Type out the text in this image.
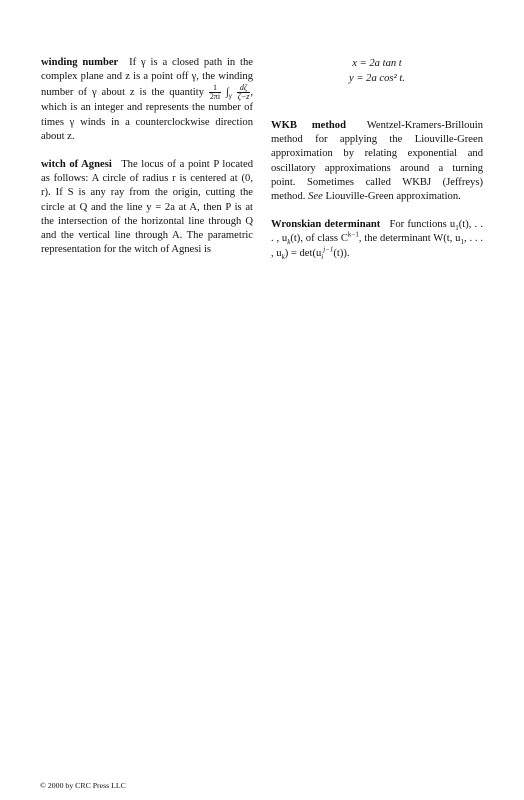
winding number If γ is a closed path in the complex plane and z is a point off γ, the winding number of γ about z is the quantity $\frac{1}{2\pi i} \int_\gamma \frac{d\zeta}{\zeta-z}$ , which is an integer and represents the number of times γ winds in a counterclockwise direction about z.

witch of Agnesi The locus of a point P located as follows: A circle of radius r is centered at (0, r). If S is any ray from the origin, cutting the circle at Q and the line y = 2a at A, then P is at the intersection of the horizontal line through Q and the vertical line through A. The parametric representation for the witch of Agnesi is

x = 2a tan t
y = 2a cos² t.

WKB method Wentzel-Kramers-Brillouin method for applying the Liouville-Green approximation by relating exponential and oscillatory approximations around a turning point. Sometimes called WKBJ (Jeffreys) method. See Liouville-Green approximation.

Wronskian determinant For functions $u_1(t)$, . . . , $u_k(t)$, of class $C^{k-1}$, the determinant W(t, $u_1$, . . . , $u_k) = \det(u_i^{j-1}(t))$.

© 2000 by CRC Press LLC
